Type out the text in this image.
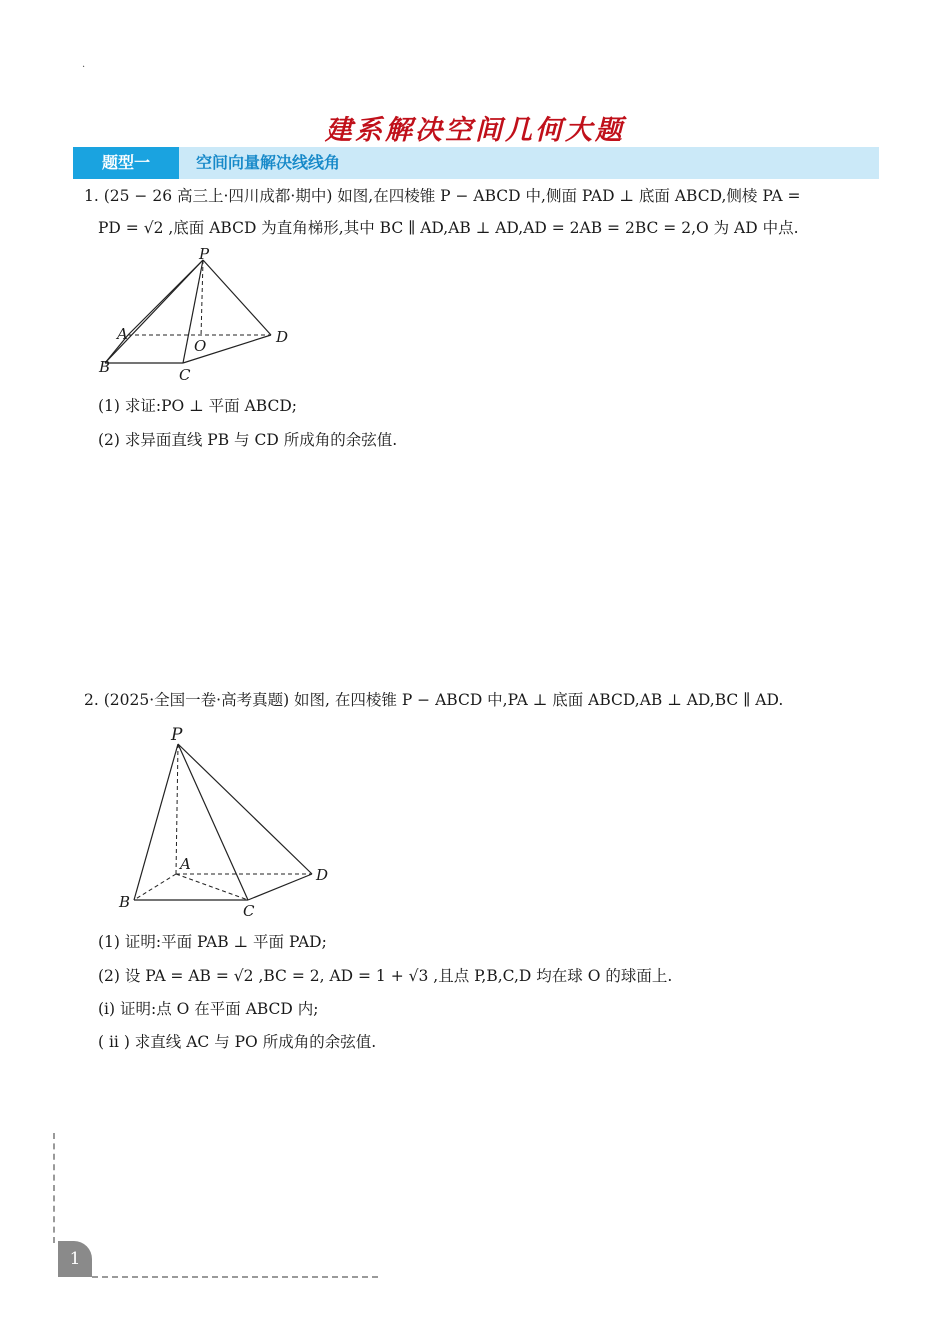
·
建系解决空间几何大题
题型一	空间向量解决线线角
1. (25 − 26 高三上·四川成都·期中) 如图,在四棱锥 P − ABCD 中,侧面 PAD ⊥ 底面 ABCD,侧棱 PA =
PD = √2 ,底面 ABCD 为直角梯形,其中 BC ∥ AD,AB ⊥ AD,AD = 2AB = 2BC = 2,O 为 AD 中点.
P
A
O	D
B	C
(1) 求证:PO ⊥ 平面 ABCD;
(2) 求异面直线 PB 与 CD 所成角的余弦值.
2. (2025·全国一卷·高考真题) 如图, 在四棱锥 P − ABCD 中,PA ⊥ 底面 ABCD,AB ⊥ AD,BC ∥ AD.
P
A
D
B	C
(1) 证明:平面 PAB ⊥ 平面 PAD;
(2) 设 PA = AB = √2 ,BC = 2, AD = 1 + √3 ,且点 P,B,C,D 均在球 O 的球面上.
(i) 证明:点 O 在平面 ABCD 内;
( ii ) 求直线 AC 与 PO 所成角的余弦值.
1
